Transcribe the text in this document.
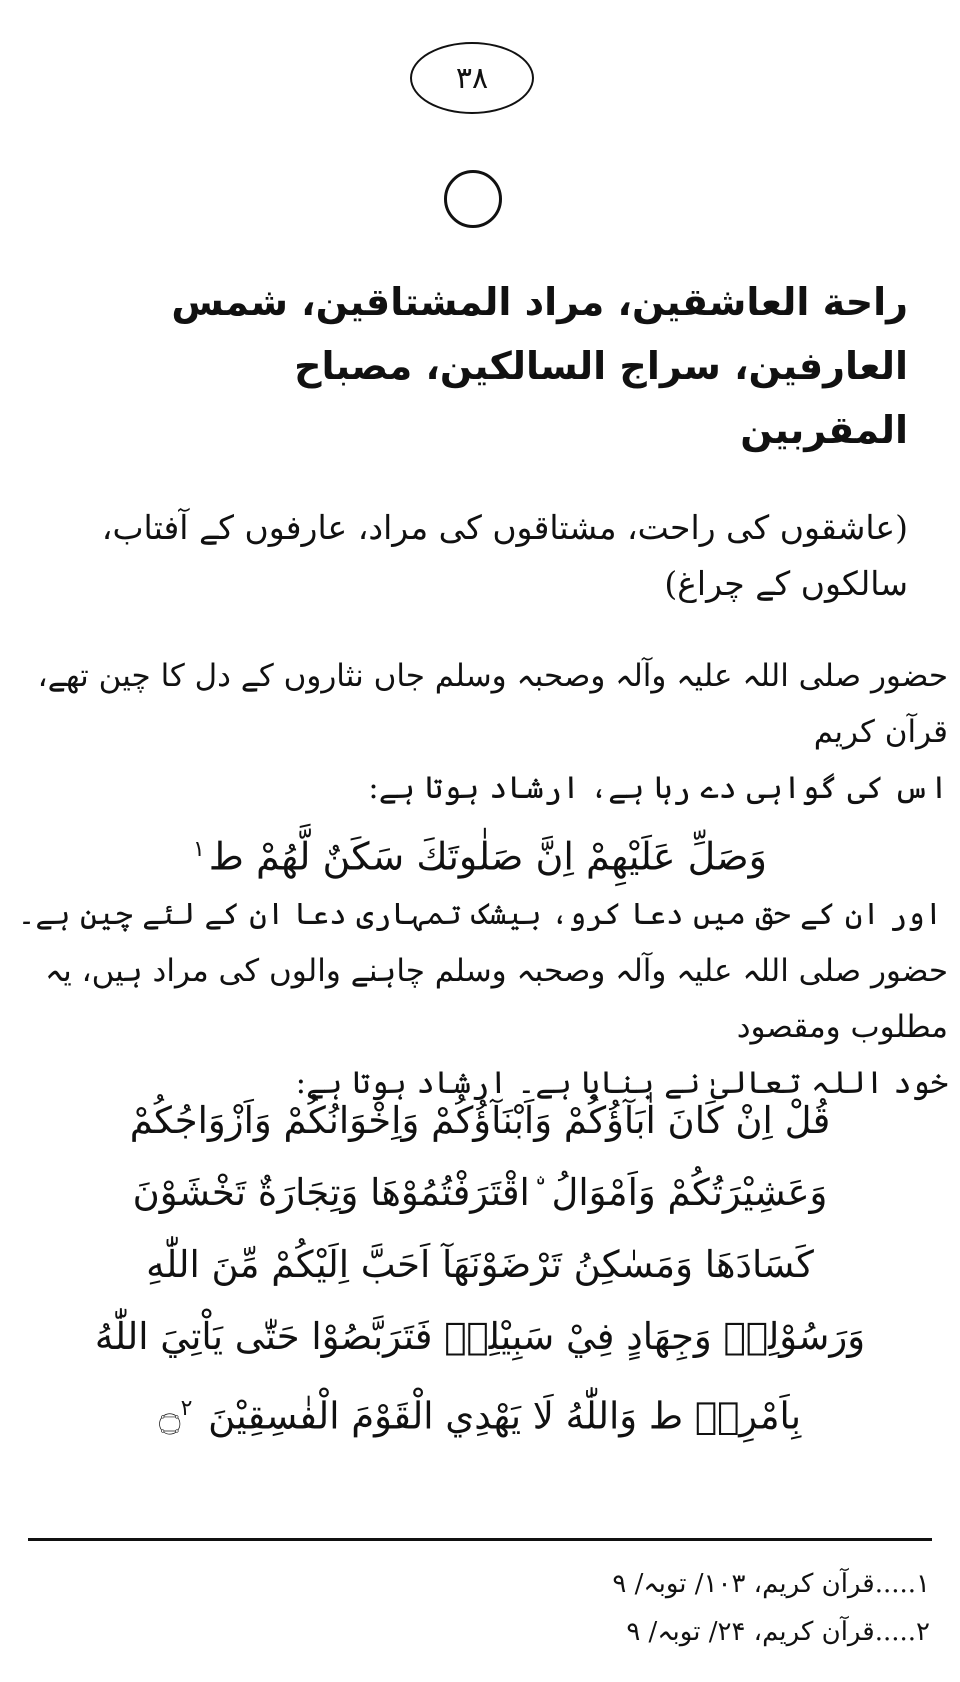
۳۸
راحة العاشقين، مراد المشتاقين، شمس
العارفين، سراج السالكين، مصباح
المقربين
(عاشقوں کی راحت، مشتاقوں کی مراد، عارفوں کے آفتاب،
سالکوں کے چراغ)
حضور صلی اللہ علیہ وآلہ وصحبہ وسلم جاں نثاروں کے دل کا چین تھے، قرآن کریم
اس کی گواہی دے رہا ہے، ارشاد ہوتا ہے:
وَصَلِّ عَلَيْهِمْ اِنَّ صَلٰوتَكَ سَكَنٌ لَّهُمْ ط$^۱$
اور ان کے حق میں دعا کرو، بیشک تمہاری دعا ان کے لئے چین ہے۔
حضور صلی اللہ علیہ وآلہ وصحبہ وسلم چاہنے والوں کی مراد ہیں، یہ مطلوب ومقصود
خود اللہ تعالیٰ نے بنایا ہے۔ ارشاد ہوتا ہے:
قُلْ اِنْ كَانَ اٰبَآؤُكُمْ وَاَبْنَآؤُكُمْ وَاِخْوَانُكُمْ وَاَزْوَاجُكُمْ
وَعَشِيْرَتُكُمْ وَاَمْوَالُ ۨاقْتَرَفْتُمُوْهَا وَتِجَارَةٌ تَخْشَوْنَ
كَسَادَهَا وَمَسٰكِنُ تَرْضَوْنَهَآ اَحَبَّ اِلَيْكُمْ مِّنَ اللّٰهِ
وَرَسُوْلِهٖ وَجِهَادٍ فِيْ سَبِيْلِهٖ فَتَرَبَّصُوْا حَتّٰى يَاْتِيَ اللّٰهُ
بِاَمْرِهٖ ط وَاللّٰهُ لَا يَهْدِي الْقَوْمَ الْفٰسِقِيْنَ ۝$^۲$
۱.....قرآن کریم، ۱۰۳/ توبہ/ ۹
۲.....قرآن کریم، ۲۴/ توبہ/ ۹
